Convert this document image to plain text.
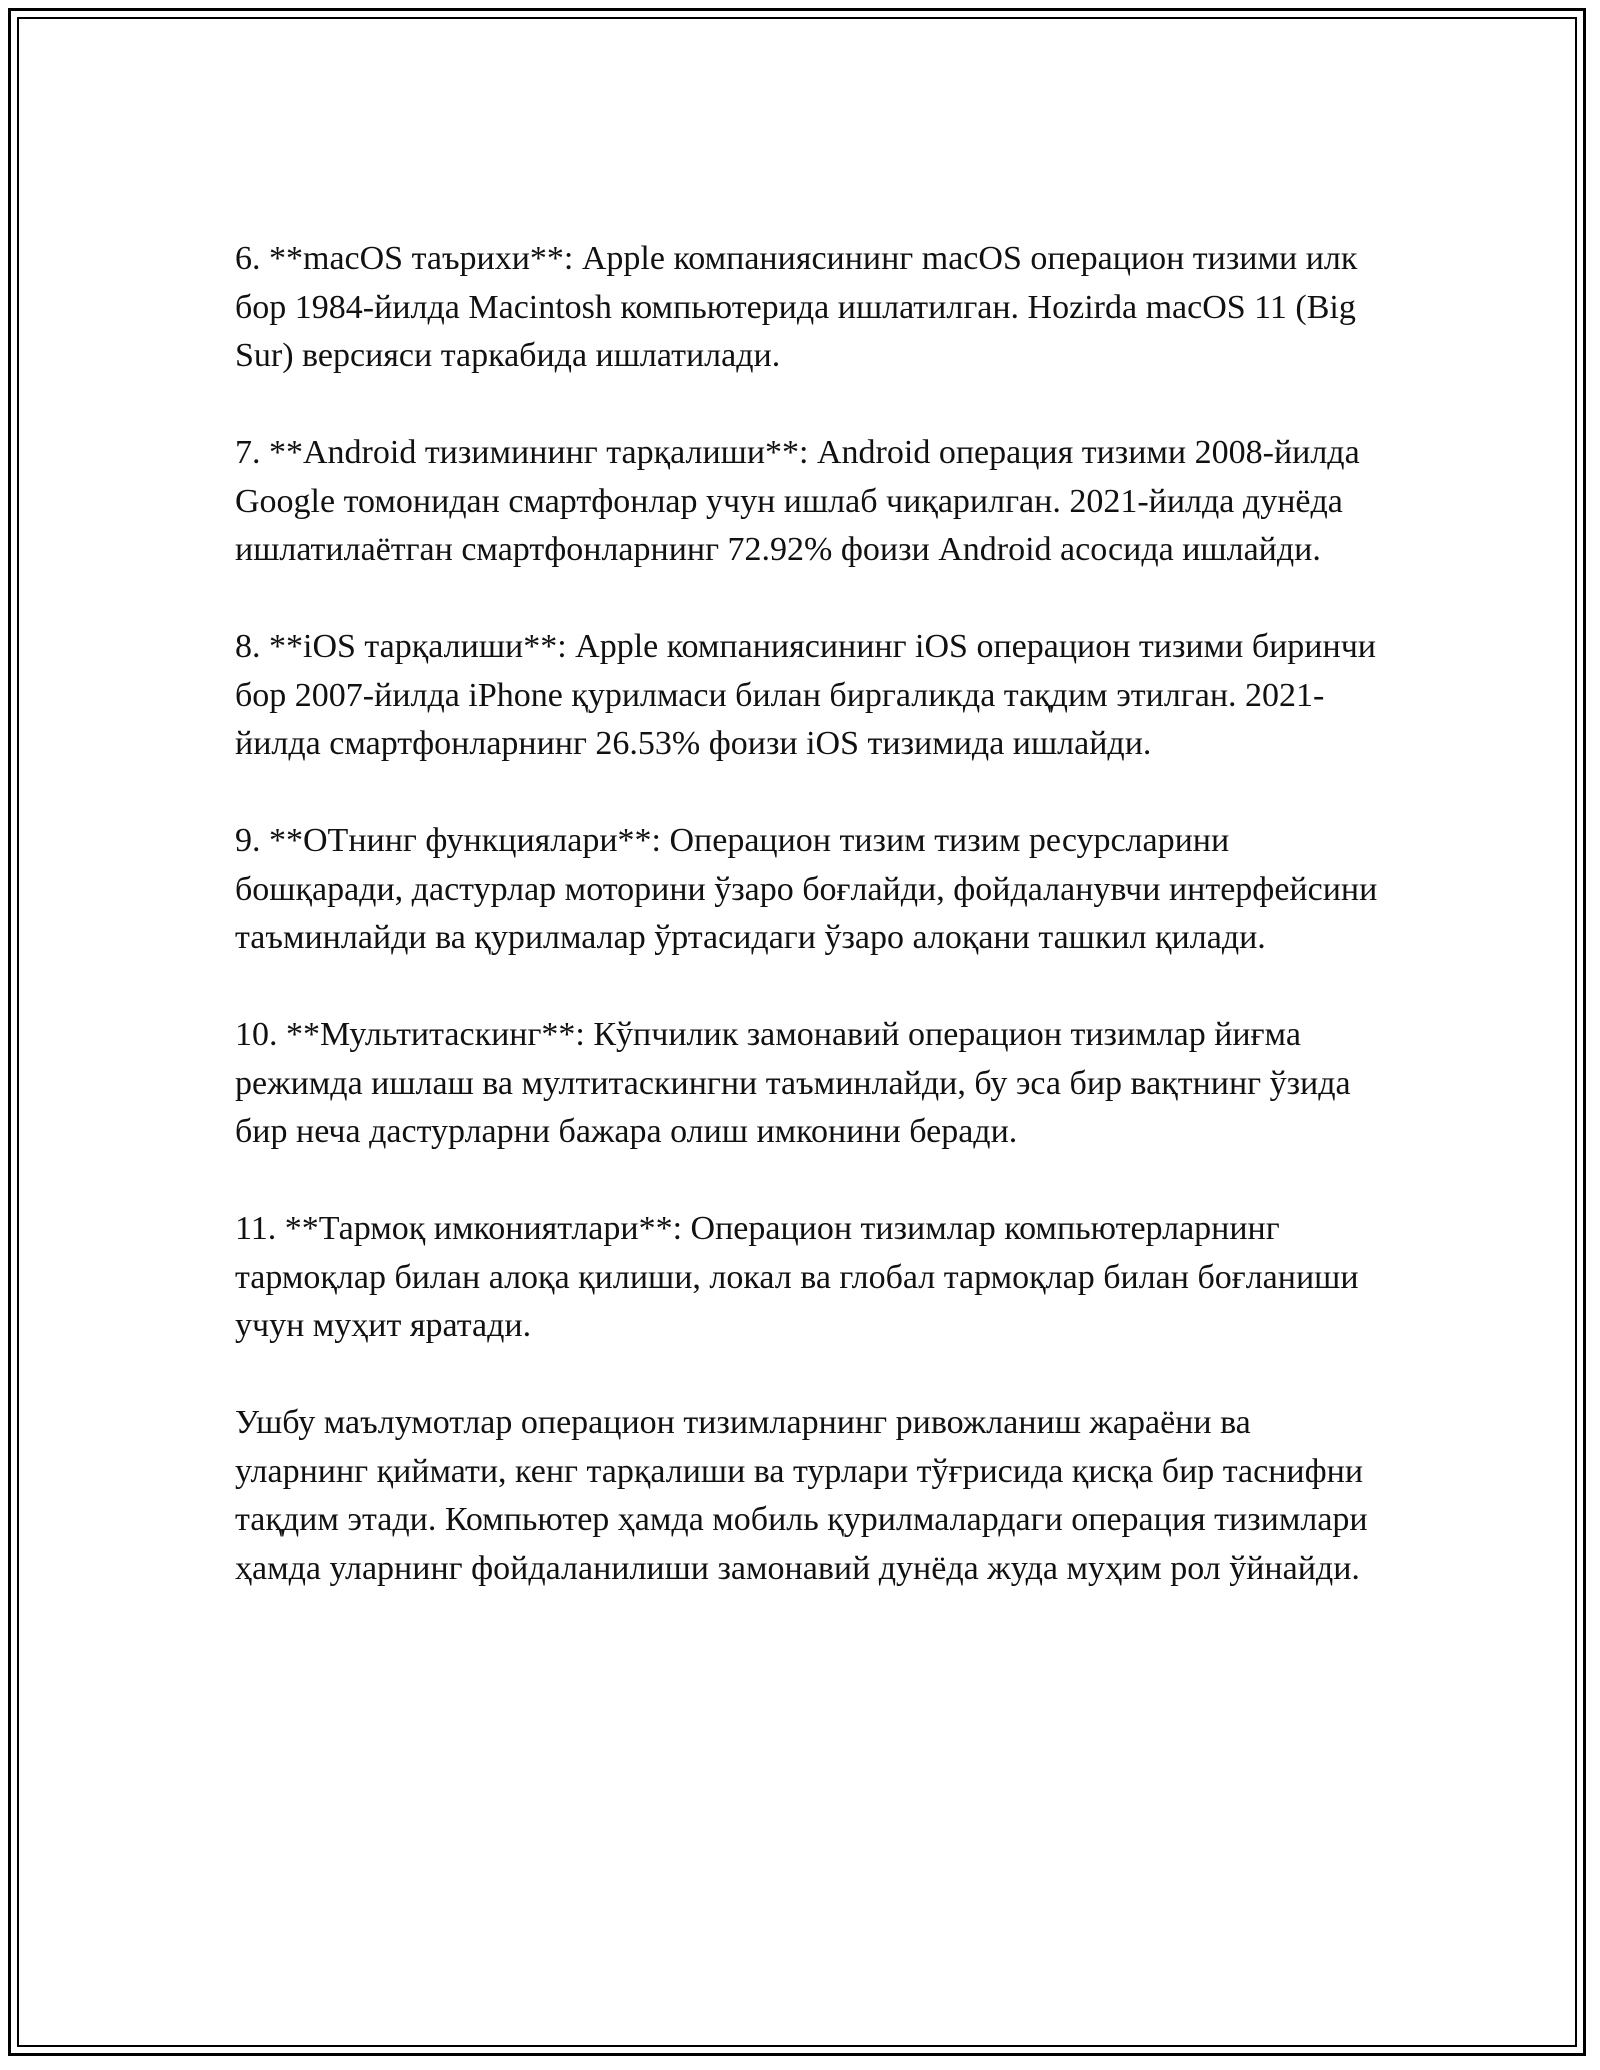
6. **macOS таърихи**: Apple компаниясининг macOS операцион тизими илк бор 1984-йилда Macintosh компьютерида ишлатилган. Hozirda macOS 11 (Big Sur) версияси таркабида ишлатилади.

7. **Android тизимининг тарқалиши**: Android операция тизими 2008-йилда Google томонидан смартфонлар учун ишлаб чиқарилган. 2021-йилда дунёда ишлатилаётган смартфонларнинг 72.92% фоизи Android асосида ишлайди.

8. **iOS тарқалиши**: Apple компаниясининг iOS операцион тизими биринчи бор 2007-йилда iPhone қурилмаси билан биргаликда тақдим этилган. 2021-йилда смартфонларнинг 26.53% фоизи iOS тизимида ишлайди.

9. **ОТнинг функциялари**: Операцион тизим тизим ресурсларини бошқаради, дастурлар моторини ўзаро боғлайди, фойдаланувчи интерфейсини таъминлайди ва қурилмалар ўртасидаги ўзаро алоқани ташкил қилади.

10. **Мультитаскинг**: Кўпчилик замонавий операцион тизимлар йиғма режимда ишлаш ва мултитаскингни таъминлайди, бу эса бир вақтнинг ўзида бир неча дастурларни бажара олиш имконини беради.

11. **Тармоқ имкониятлари**: Операцион тизимлар компьютерларнинг тармоқлар билан алоқа қилиши, локал ва глобал тармоқлар билан боғланиши учун муҳит яратади.

Ушбу маълумотлар операцион тизимларнинг ривожланиш жараёни ва уларнинг қиймати, кенг тарқалиши ва турлари тўғрисида қисқа бир таснифни тақдим этади. Компьютер ҳамда мобиль қурилмалардаги операция тизимлари ҳамда уларнинг фойдаланилиши замонавий дунёда жуда муҳим рол ўйнайди.
